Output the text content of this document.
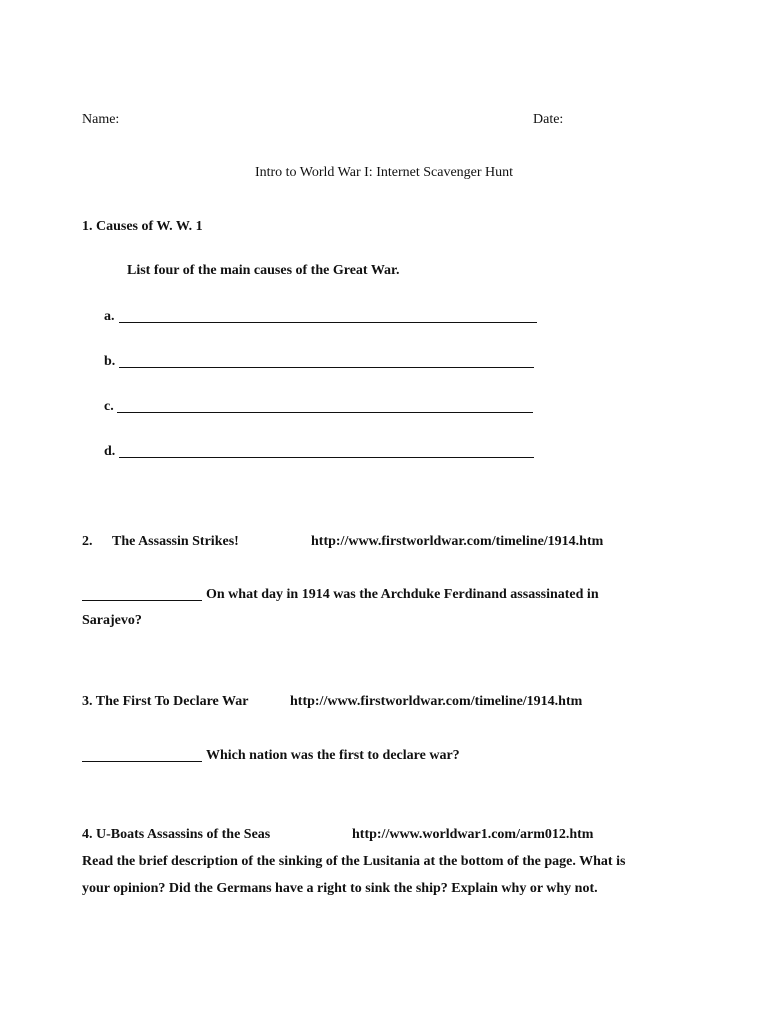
Name:	Date:

Intro to World War I: Internet Scavenger Hunt

1. Causes of W. W. 1

List four of the main causes of the Great War.

a.

b.

c.

d.

2. The Assassin Strikes!	http://www.firstworldwar.com/timeline/1914.htm

On what day in 1914 was the Archduke Ferdinand assassinated in

Sarajevo?

3. The First To Declare War	http://www.firstworldwar.com/timeline/1914.htm

Which nation was the first to declare war?

4. U-Boats Assassins of the Seas	http://www.worldwar1.com/arm012.htm

Read the brief description of the sinking of the Lusitania at the bottom of the page. What is

your opinion? Did the Germans have a right to sink the ship? Explain why or why not.
